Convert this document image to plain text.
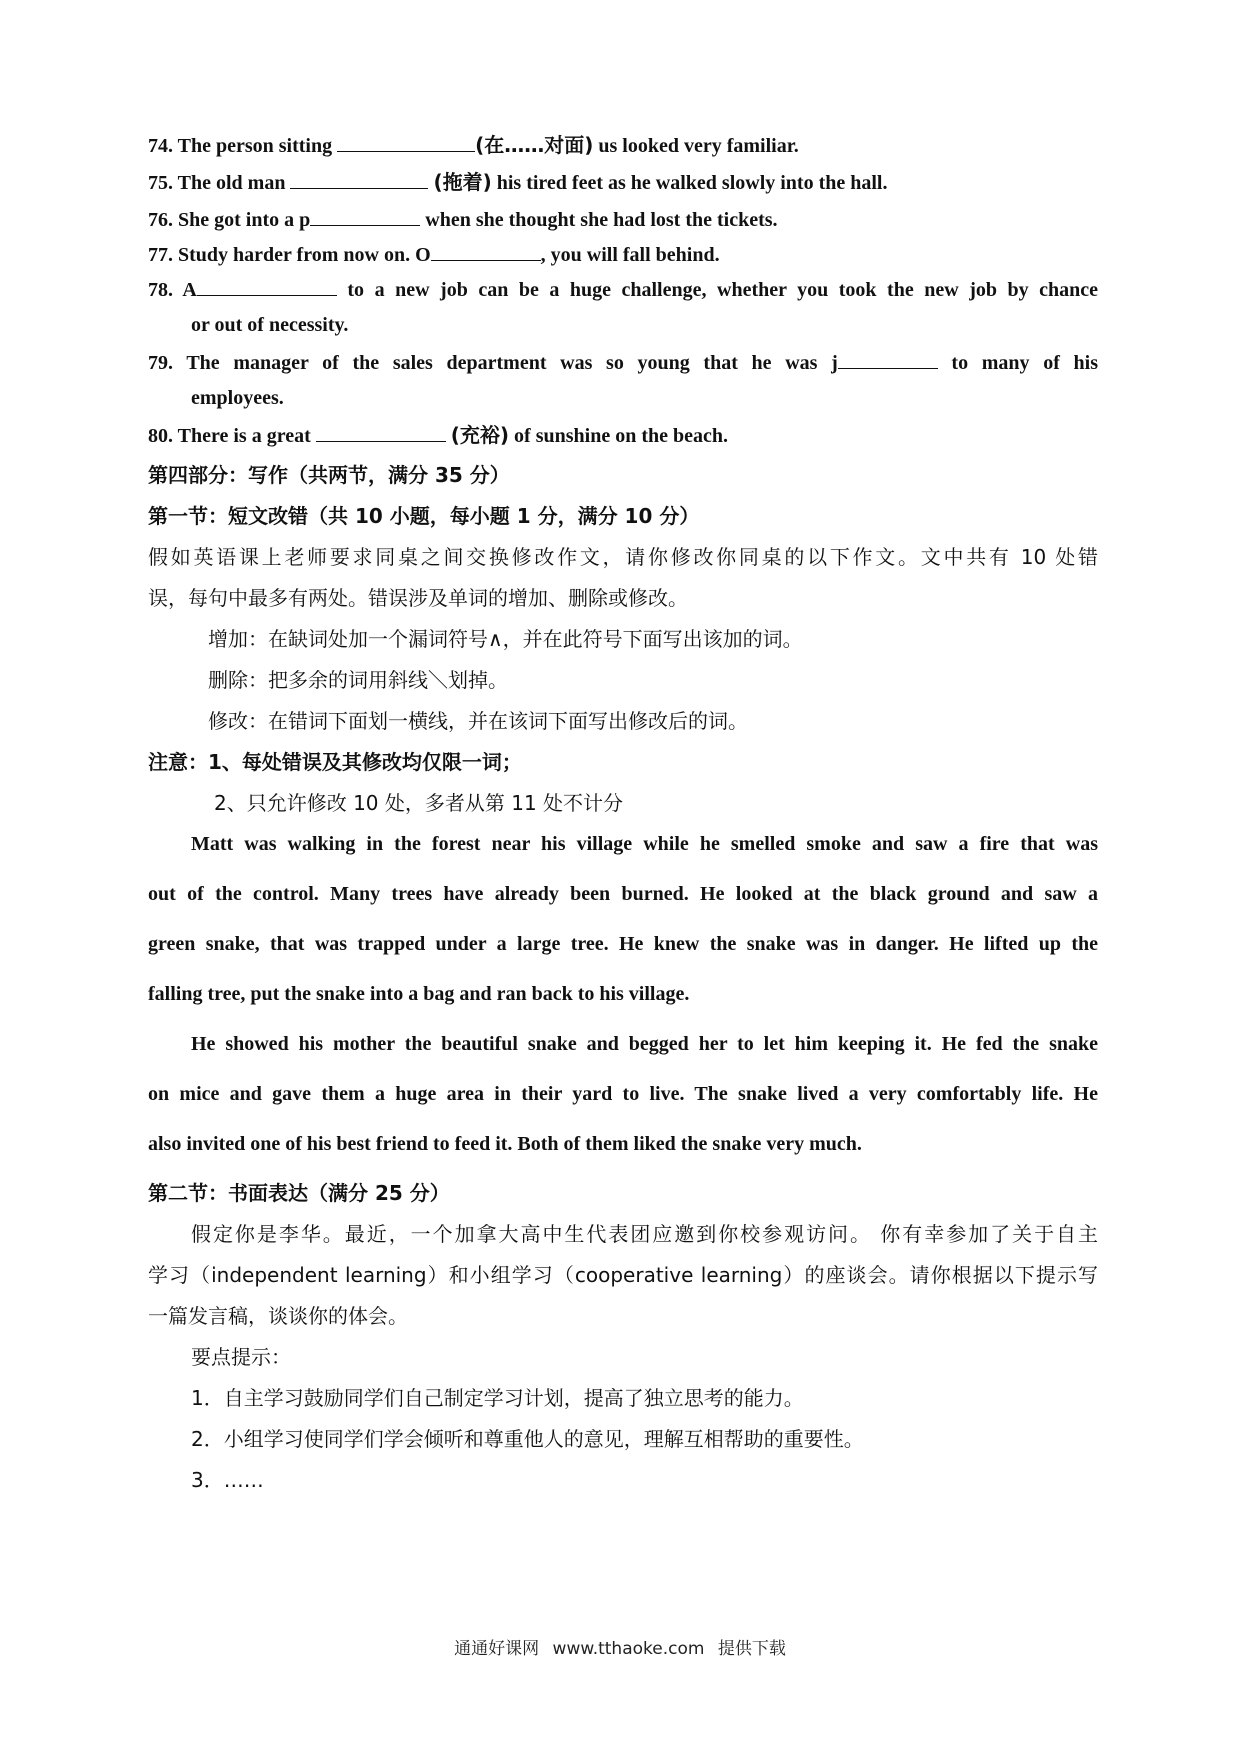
74. The person sitting	(在……对面) us looked very familiar.
75. The old man	(拖着) his tired feet as he walked slowly into the hall.
76. She got into a p	when she thought she had lost the tickets.
77. Study harder from now on. O	, you will fall behind.
78. A	to a new job can be a huge challenge, whether you took the new job by chance
or out of necessity.
79. The manager of the sales department was so young that he was j	to many of his
employees.
80. There is a great	(充裕) of sunshine on the beach.
第四部分：写作（共两节，满分 35 分）
第一节：短文改错（共 10 小题，每小题 1 分，满分 10 分）
假如英语课上老师要求同桌之间交换修改作文，请你修改你同桌的以下作文。文中共有 10 处错
误，每句中最多有两处。错误涉及单词的增加、删除或修改。
增加：在缺词处加一个漏词符号∧，并在此符号下面写出该加的词。
删除：把多余的词用斜线＼划掉。
修改：在错词下面划一横线，并在该词下面写出修改后的词。
注意：1、每处错误及其修改均仅限一词；
2、只允许修改 10 处，多者从第 11 处不计分
Matt was walking in the forest near his village while he smelled smoke and saw a fire that was
out of the control. Many trees have already been burned. He looked at the black ground and saw a
green snake, that was trapped under a large tree. He knew the snake was in danger. He lifted up the
falling tree, put the snake into a bag and ran back to his village.
He showed his mother the beautiful snake and begged her to let him keeping it. He fed the snake
on mice and gave them a huge area in their yard to live. The snake lived a very comfortably life. He
also invited one of his best friend to feed it. Both of them liked the snake very much.
第二节：书面表达（满分 25 分）
假定你是李华。最近，一个加拿大高中生代表团应邀到你校参观访问。 你有幸参加了关于自主
学习（independent learning）和小组学习（cooperative learning）的座谈会。请你根据以下提示写
一篇发言稿，谈谈你的体会。
要点提示：
1．自主学习鼓励同学们自己制定学习计划，提高了独立思考的能力。
2．小组学习使同学们学会倾听和尊重他人的意见，理解互相帮助的重要性。
3．……
通通好课网 www.tthaoke.com 提供下载
